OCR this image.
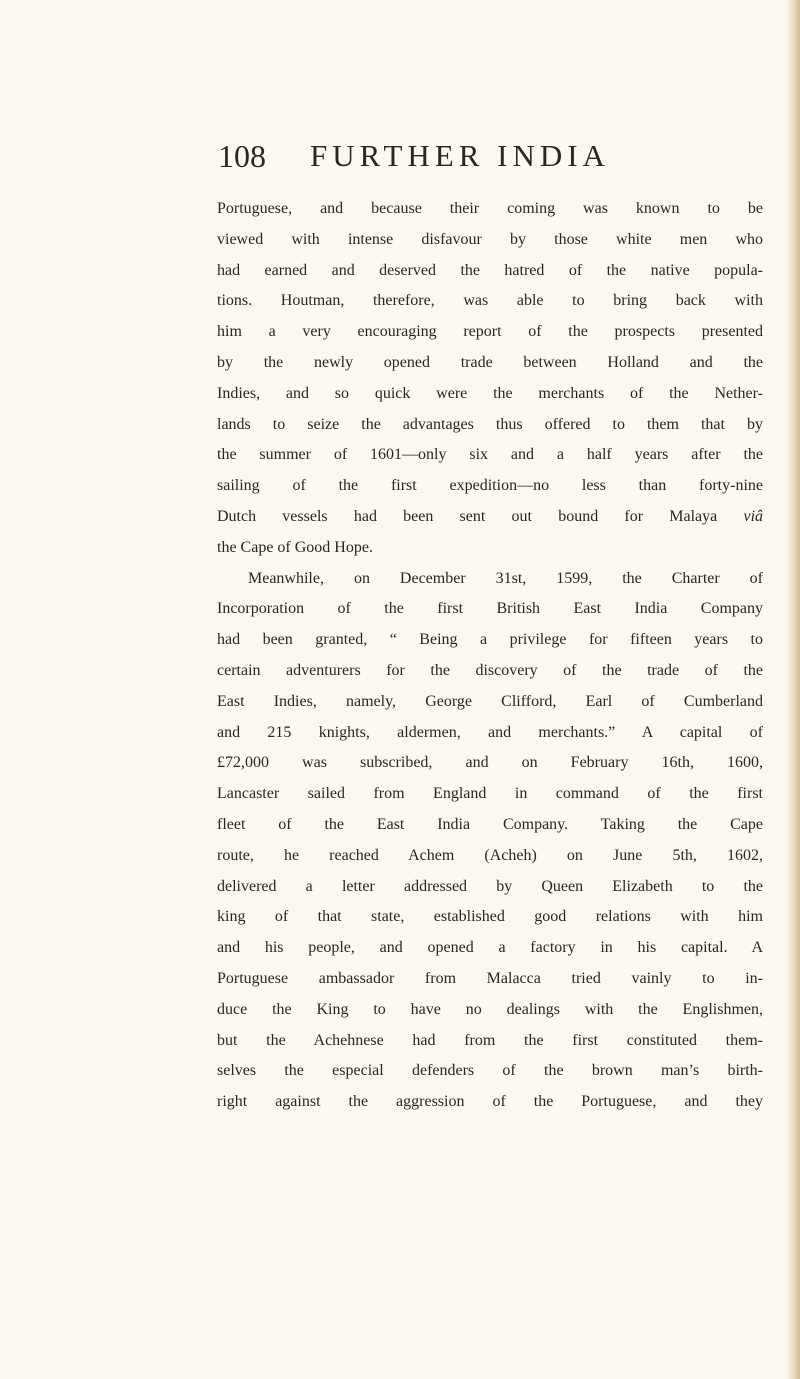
108 FURTHER INDIA
Portuguese, and because their coming was known to be
viewed with intense disfavour by those white men who
had earned and deserved the hatred of the native popula-
tions. Houtman, therefore, was able to bring back with
him a very encouraging report of the prospects presented
by the newly opened trade between Holland and the
Indies, and so quick were the merchants of the Nether-
lands to seize the advantages thus offered to them that by
the summer of 1601—only six and a half years after the
sailing of the first expedition—no less than forty-nine
Dutch vessels had been sent out bound for Malaya viâ
the Cape of Good Hope.
Meanwhile, on December 31st, 1599, the Charter of
Incorporation of the first British East India Company
had been granted, “ Being a privilege for fifteen years to
certain adventurers for the discovery of the trade of the
East Indies, namely, George Clifford, Earl of Cumberland
and 215 knights, aldermen, and merchants.” A capital of
£72,000 was subscribed, and on February 16th, 1600,
Lancaster sailed from England in command of the first
fleet of the East India Company. Taking the Cape
route, he reached Achem (Acheh) on June 5th, 1602,
delivered a letter addressed by Queen Elizabeth to the
king of that state, established good relations with him
and his people, and opened a factory in his capital. A
Portuguese ambassador from Malacca tried vainly to in-
duce the King to have no dealings with the Englishmen,
but the Achehnese had from the first constituted them-
selves the especial defenders of the brown man’s birth-
right against the aggression of the Portuguese, and they
